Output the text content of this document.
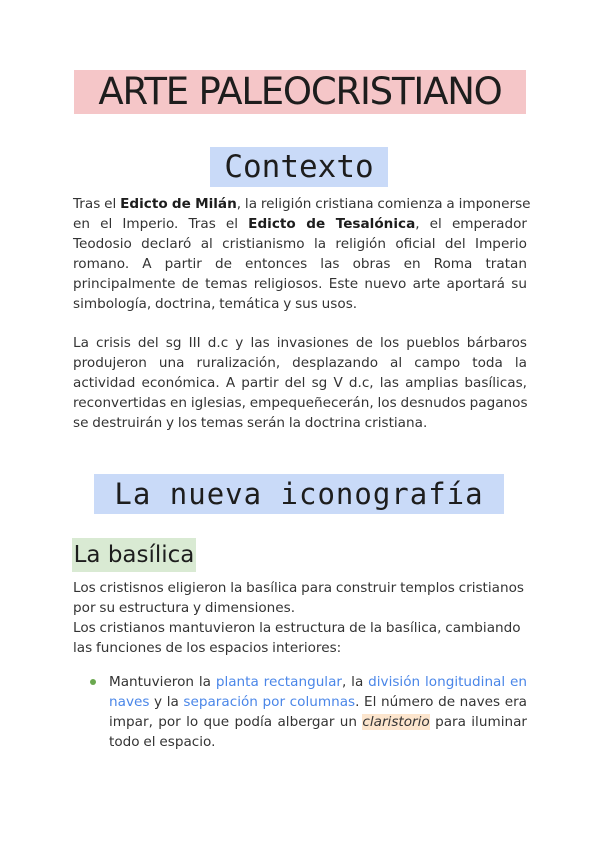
ARTE PALEOCRISTIANO
Contexto

Tras el Edicto de Milán, la religión cristiana comienza a imponerse
en el Imperio. Tras el Edicto de Tesalónica, el emperador
Teodosio declaró al cristianismo la religión oficial del Imperio
romano. A partir de entonces las obras en Roma tratan
principalmente de temas religiosos. Este nuevo arte aportará su
simbología, doctrina, temática y sus usos.

La crisis del sg III d.c y las invasiones de los pueblos bárbaros
produjeron una ruralización, desplazando al campo toda la
actividad económica. A partir del sg V d.c, las amplias basílicas,
reconvertidas en iglesias, empequeñecerán, los desnudos paganos
se destruirán y los temas serán la doctrina cristiana.

La nueva iconografía
La basílica

Los cristisnos eligieron la basílica para construir templos cristianos
por su estructura y dimensiones.
Los cristianos mantuvieron la estructura de la basílica, cambiando
las funciones de los espacios interiores:

Mantuvieron la planta rectangular, la división longitudinal en
naves y la separación por columnas. El número de naves era
impar, por lo que podía albergar un claristorio para iluminar
todo el espacio.
